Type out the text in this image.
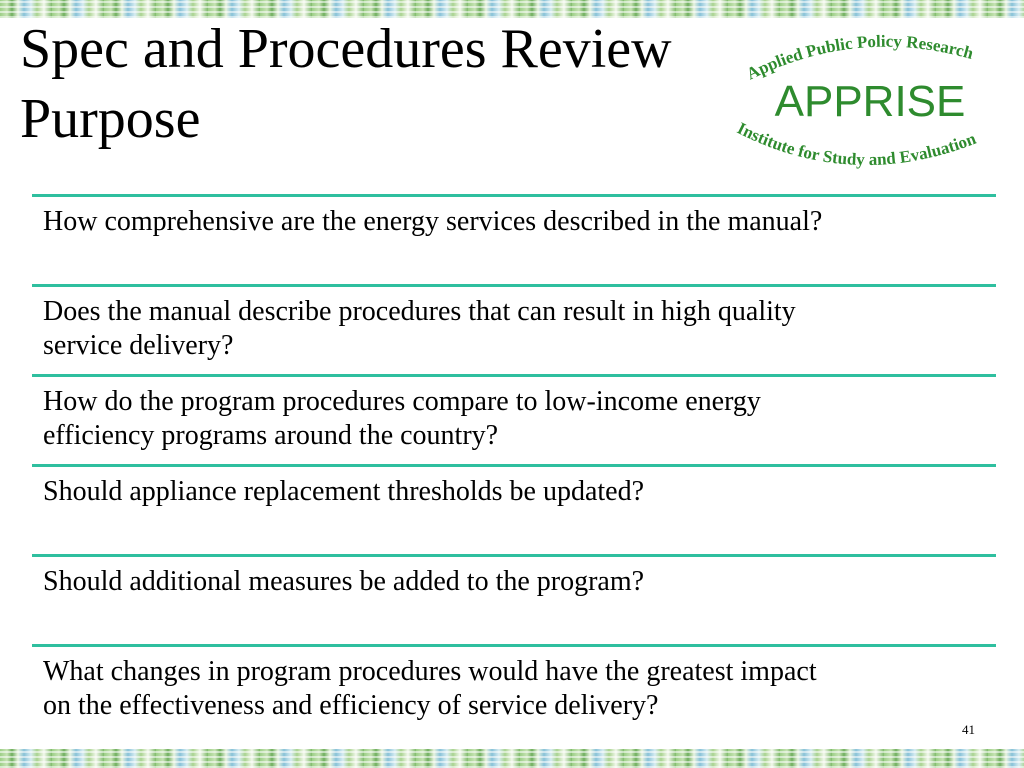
Spec and Procedures Review
Purpose
Applied Public Policy Research
APPRISE
Institute for Study and Evaluation

How comprehensive are the energy services described in the manual?

Does the manual describe procedures that can result in high quality
service delivery?

How do the program procedures compare to low-income energy
efficiency programs around the country?

Should appliance replacement thresholds be updated?

Should additional measures be added to the program?

What changes in program procedures would have the greatest impact
on the effectiveness and efficiency of service delivery?

41
